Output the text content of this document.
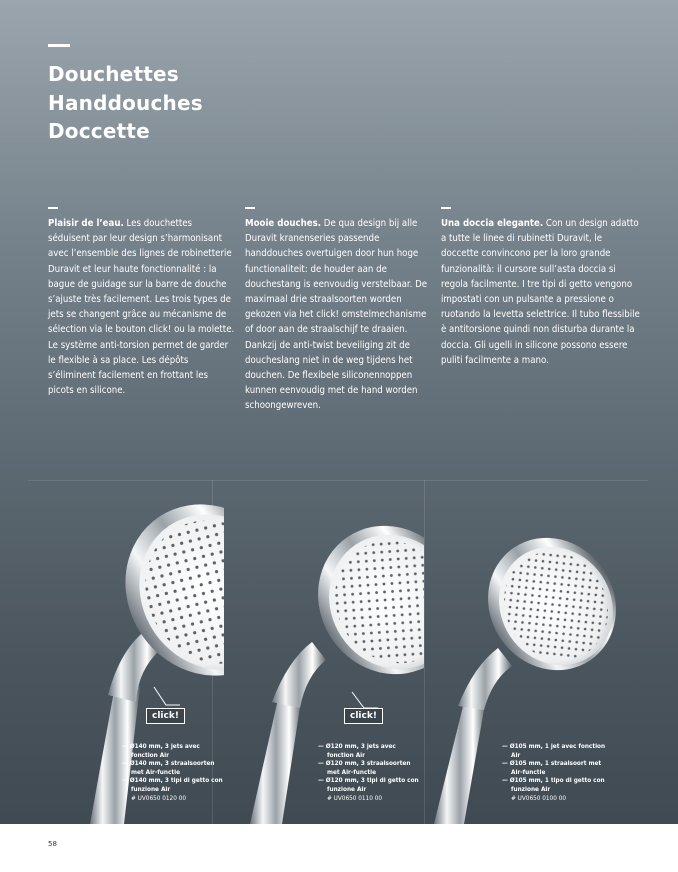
Douchettes
Handdouches
Doccette

Plaisir de l’eau. Les douchettes séduisent par leur design s’harmonisant avec l’ensemble des lignes de robinetterie Duravit et leur haute fonctionnalité : la bague de guidage sur la barre de douche s’ajuste très facilement. Les trois types de jets se changent grâce au mécanisme de sélection via le bouton click! ou la molette. Le système anti-torsion permet de garder le flexible à sa place. Les dépôts s’éliminent facilement en frottant les picots en silicone.

Mooie douches. De qua design bij alle Duravit kranenseries passende handdouches overtuigen door hun hoge functionaliteit: de houder aan de douchestang is eenvoudig verstelbaar. De maximaal drie straalsoorten worden gekozen via het click! omstelmechanisme of door aan de straalschijf te draaien. Dankzij de anti-twist beveiliging zit de doucheslang niet in de weg tijdens het douchen. De flexibele siliconennoppen kunnen eenvoudig met de hand worden schoongewreven.

Una doccia elegante. Con un design adatto a tutte le linee di rubinetti Duravit, le doccette convincono per la loro grande funzionalità: il cursore sull’asta doccia si regola facilmente. I tre tipi di getto vengono impostati con un pulsante a pressione o ruotando la levetta selettrice. Il tubo flessibile è antitorsione quindi non disturba durante la doccia. Gli ugelli in silicone possono essere puliti facilmente a mano.

click!
— Ø140 mm, 3 jets avec fonction Air
— Ø140 mm, 3 straalsoorten met Air-functie
— Ø140 mm, 3 tipi di getto con funzione Air
# UV0650 0120 00
click!
— Ø120 mm, 3 jets avec fonction Air
— Ø120 mm, 3 straalsoorten met Air-functie
— Ø120 mm, 3 tipi di getto con funzione Air
# UV0650 0110 00
— Ø105 mm, 1 jet avec fonction Air
— Ø105 mm, 1 straalsoort met Air-functie
— Ø105 mm, 1 tipo di getto con funzione Air
# UV0650 0100 00
58
